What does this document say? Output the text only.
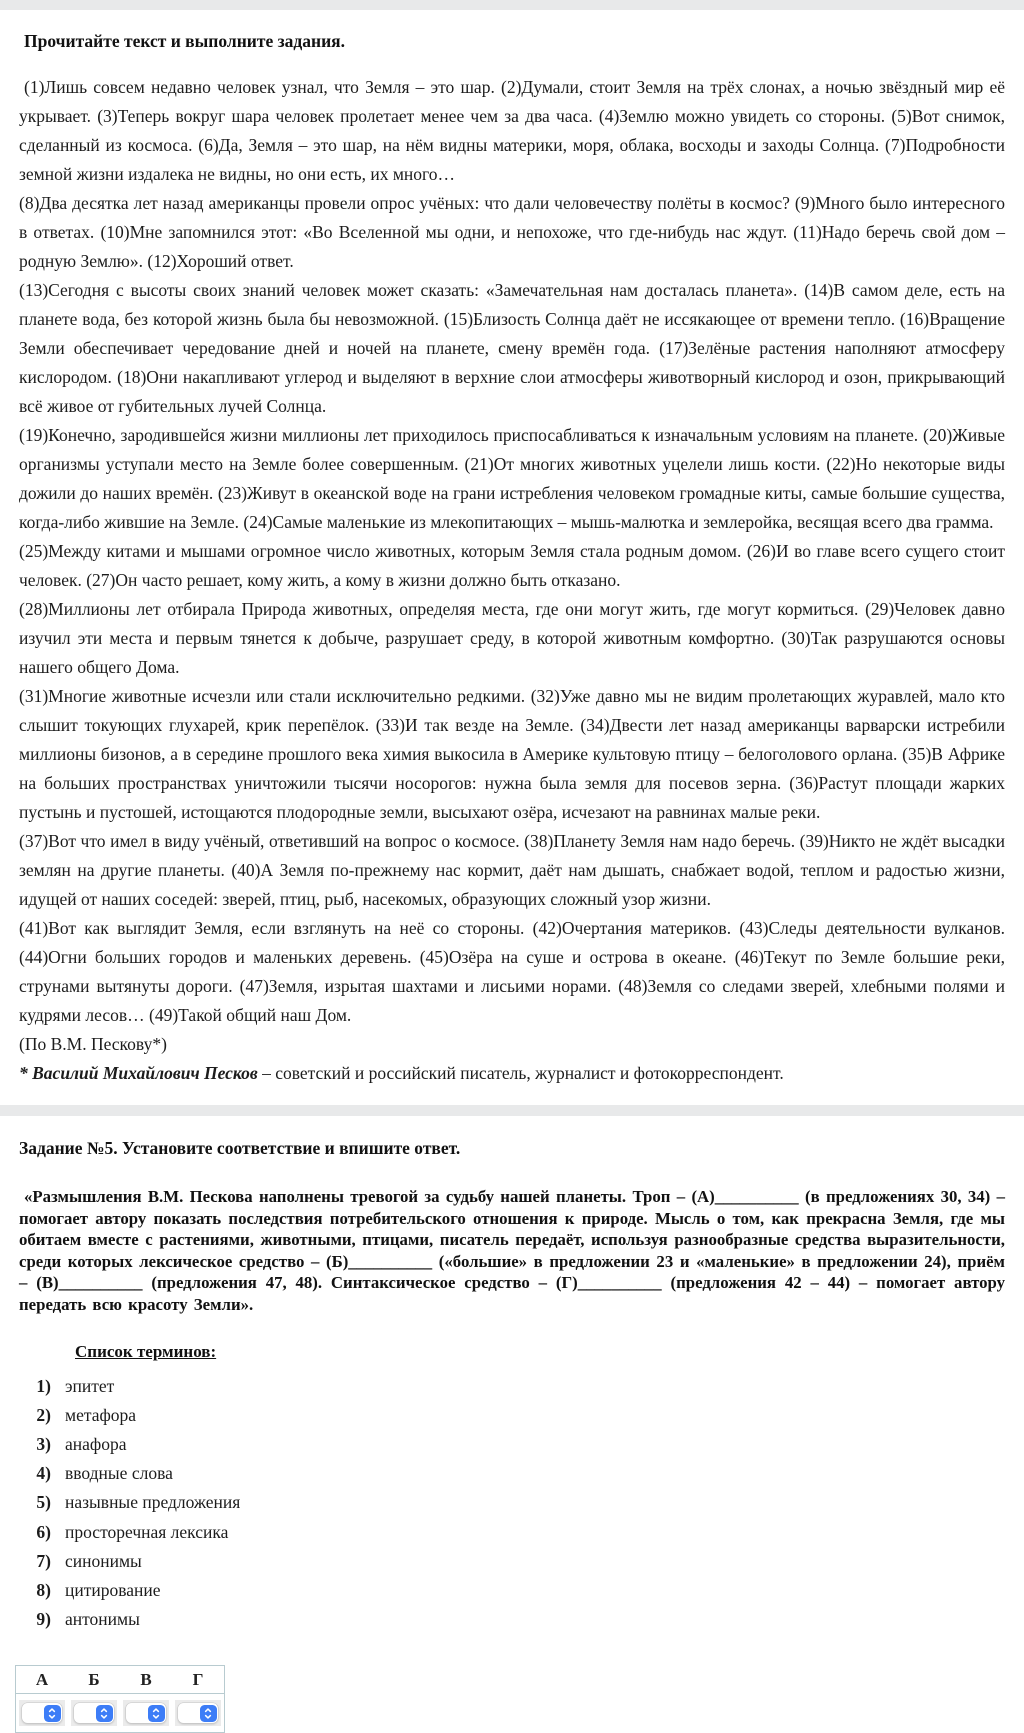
Прочитайте текст и выполните задания.

(1)Лишь совсем недавно человек узнал, что Земля – это шар. (2)Думали, стоит Земля на трёх слонах, а ночью звёздный мир её укрывает. (3)Теперь вокруг шара человек пролетает менее чем за два часа. (4)Землю можно увидеть со стороны. (5)Вот снимок, сделанный из космоса. (6)Да, Земля – это шар, на нём видны материки, моря, облака, восходы и заходы Солнца. (7)Подробности земной жизни издалека не видны, но они есть, их много…

(8)Два десятка лет назад американцы провели опрос учёных: что дали человечеству полёты в космос? (9)Много было интересного в ответах. (10)Мне запомнился этот: «Во Вселенной мы одни, и непохоже, что где-нибудь нас ждут. (11)Надо беречь свой дом – родную Землю». (12)Хороший ответ.

(13)Сегодня с высоты своих знаний человек может сказать: «Замечательная нам досталась планета». (14)В самом деле, есть на планете вода, без которой жизнь была бы невозможной. (15)Близость Солнца даёт не иссякающее от времени тепло. (16)Вращение Земли обеспечивает чередование дней и ночей на планете, смену времён года. (17)Зелёные растения наполняют атмосферу кислородом. (18)Они накапливают углерод и выделяют в верхние слои атмосферы животворный кислород и озон, прикрывающий всё живое от губительных лучей Солнца.

(19)Конечно, зародившейся жизни миллионы лет приходилось приспосабливаться к изначальным условиям на планете. (20)Живые организмы уступали место на Земле более совершенным. (21)От многих животных уцелели лишь кости. (22)Но некоторые виды дожили до наших времён. (23)Живут в океанской воде на грани истребления человеком громадные киты, самые большие существа, когда-либо жившие на Земле. (24)Самые маленькие из млекопитающих – мышь-малютка и землеройка, весящая всего два грамма.

(25)Между китами и мышами огромное число животных, которым Земля стала родным домом. (26)И во главе всего сущего стоит человек. (27)Он часто решает, кому жить, а кому в жизни должно быть отказано.

(28)Миллионы лет отбирала Природа животных, определяя места, где они могут жить, где могут кормиться. (29)Человек давно изучил эти места и первым тянется к добыче, разрушает среду, в которой животным комфортно. (30)Так разрушаются основы нашего общего Дома.

(31)Многие животные исчезли или стали исключительно редкими. (32)Уже давно мы не видим пролетающих журавлей, мало кто слышит токующих глухарей, крик перепёлок. (33)И так везде на Земле. (34)Двести лет назад американцы варварски истребили миллионы бизонов, а в середине прошлого века химия выкосила в Америке культовую птицу – белоголового орлана. (35)В Африке на больших пространствах уничтожили тысячи носорогов: нужна была земля для посевов зерна. (36)Растут площади жарких пустынь и пустошей, истощаются плодородные земли, высыхают озёра, исчезают на равнинах малые реки.

(37)Вот что имел в виду учёный, ответивший на вопрос о космосе. (38)Планету Земля нам надо беречь. (39)Никто не ждёт высадки землян на другие планеты. (40)А Земля по-прежнему нас кормит, даёт нам дышать, снабжает водой, теплом и радостью жизни, идущей от наших соседей: зверей, птиц, рыб, насекомых, образующих сложный узор жизни.

(41)Вот как выглядит Земля, если взглянуть на неё со стороны. (42)Очертания материков. (43)Следы деятельности вулканов. (44)Огни больших городов и маленьких деревень. (45)Озёра на суше и острова в океане. (46)Текут по Земле большие реки, струнами вытянуты дороги. (47)Земля, изрытая шахтами и лисьими норами. (48)Земля со следами зверей, хлебными полями и кудрями лесов… (49)Такой общий наш Дом.

(По В.М. Пескову*)

* Василий Михайлович Песков – советский и российский писатель, журналист и фотокорреспондент.

Задание №5. Установите соответствие и впишите ответ.

«Размышления В.М. Пескова наполнены тревогой за судьбу нашей планеты. Троп – (А)__________ (в предложениях 30, 34) – помогает автору показать последствия потребительского отношения к природе. Мысль о том, как прекрасна Земля, где мы обитаем вместе с растениями, животными, птицами, писатель передаёт, используя разнообразные средства выразительности, среди которых лексическое средство – (Б)__________ («большие» в предложении 23 и «маленькие» в предложении 24), приём – (В)__________ (предложения 47, 48). Синтаксическое средство – (Г)__________ (предложения 42 – 44) – помогает автору передать всю красоту Земли».

Список терминов:
1) эпитет
2) метафора
3) анафора
4) вводные слова
5) назывные предложения
6) просторечная лексика
7) синонимы
8) цитирование
9) антонимы
А	Б	В	Г
